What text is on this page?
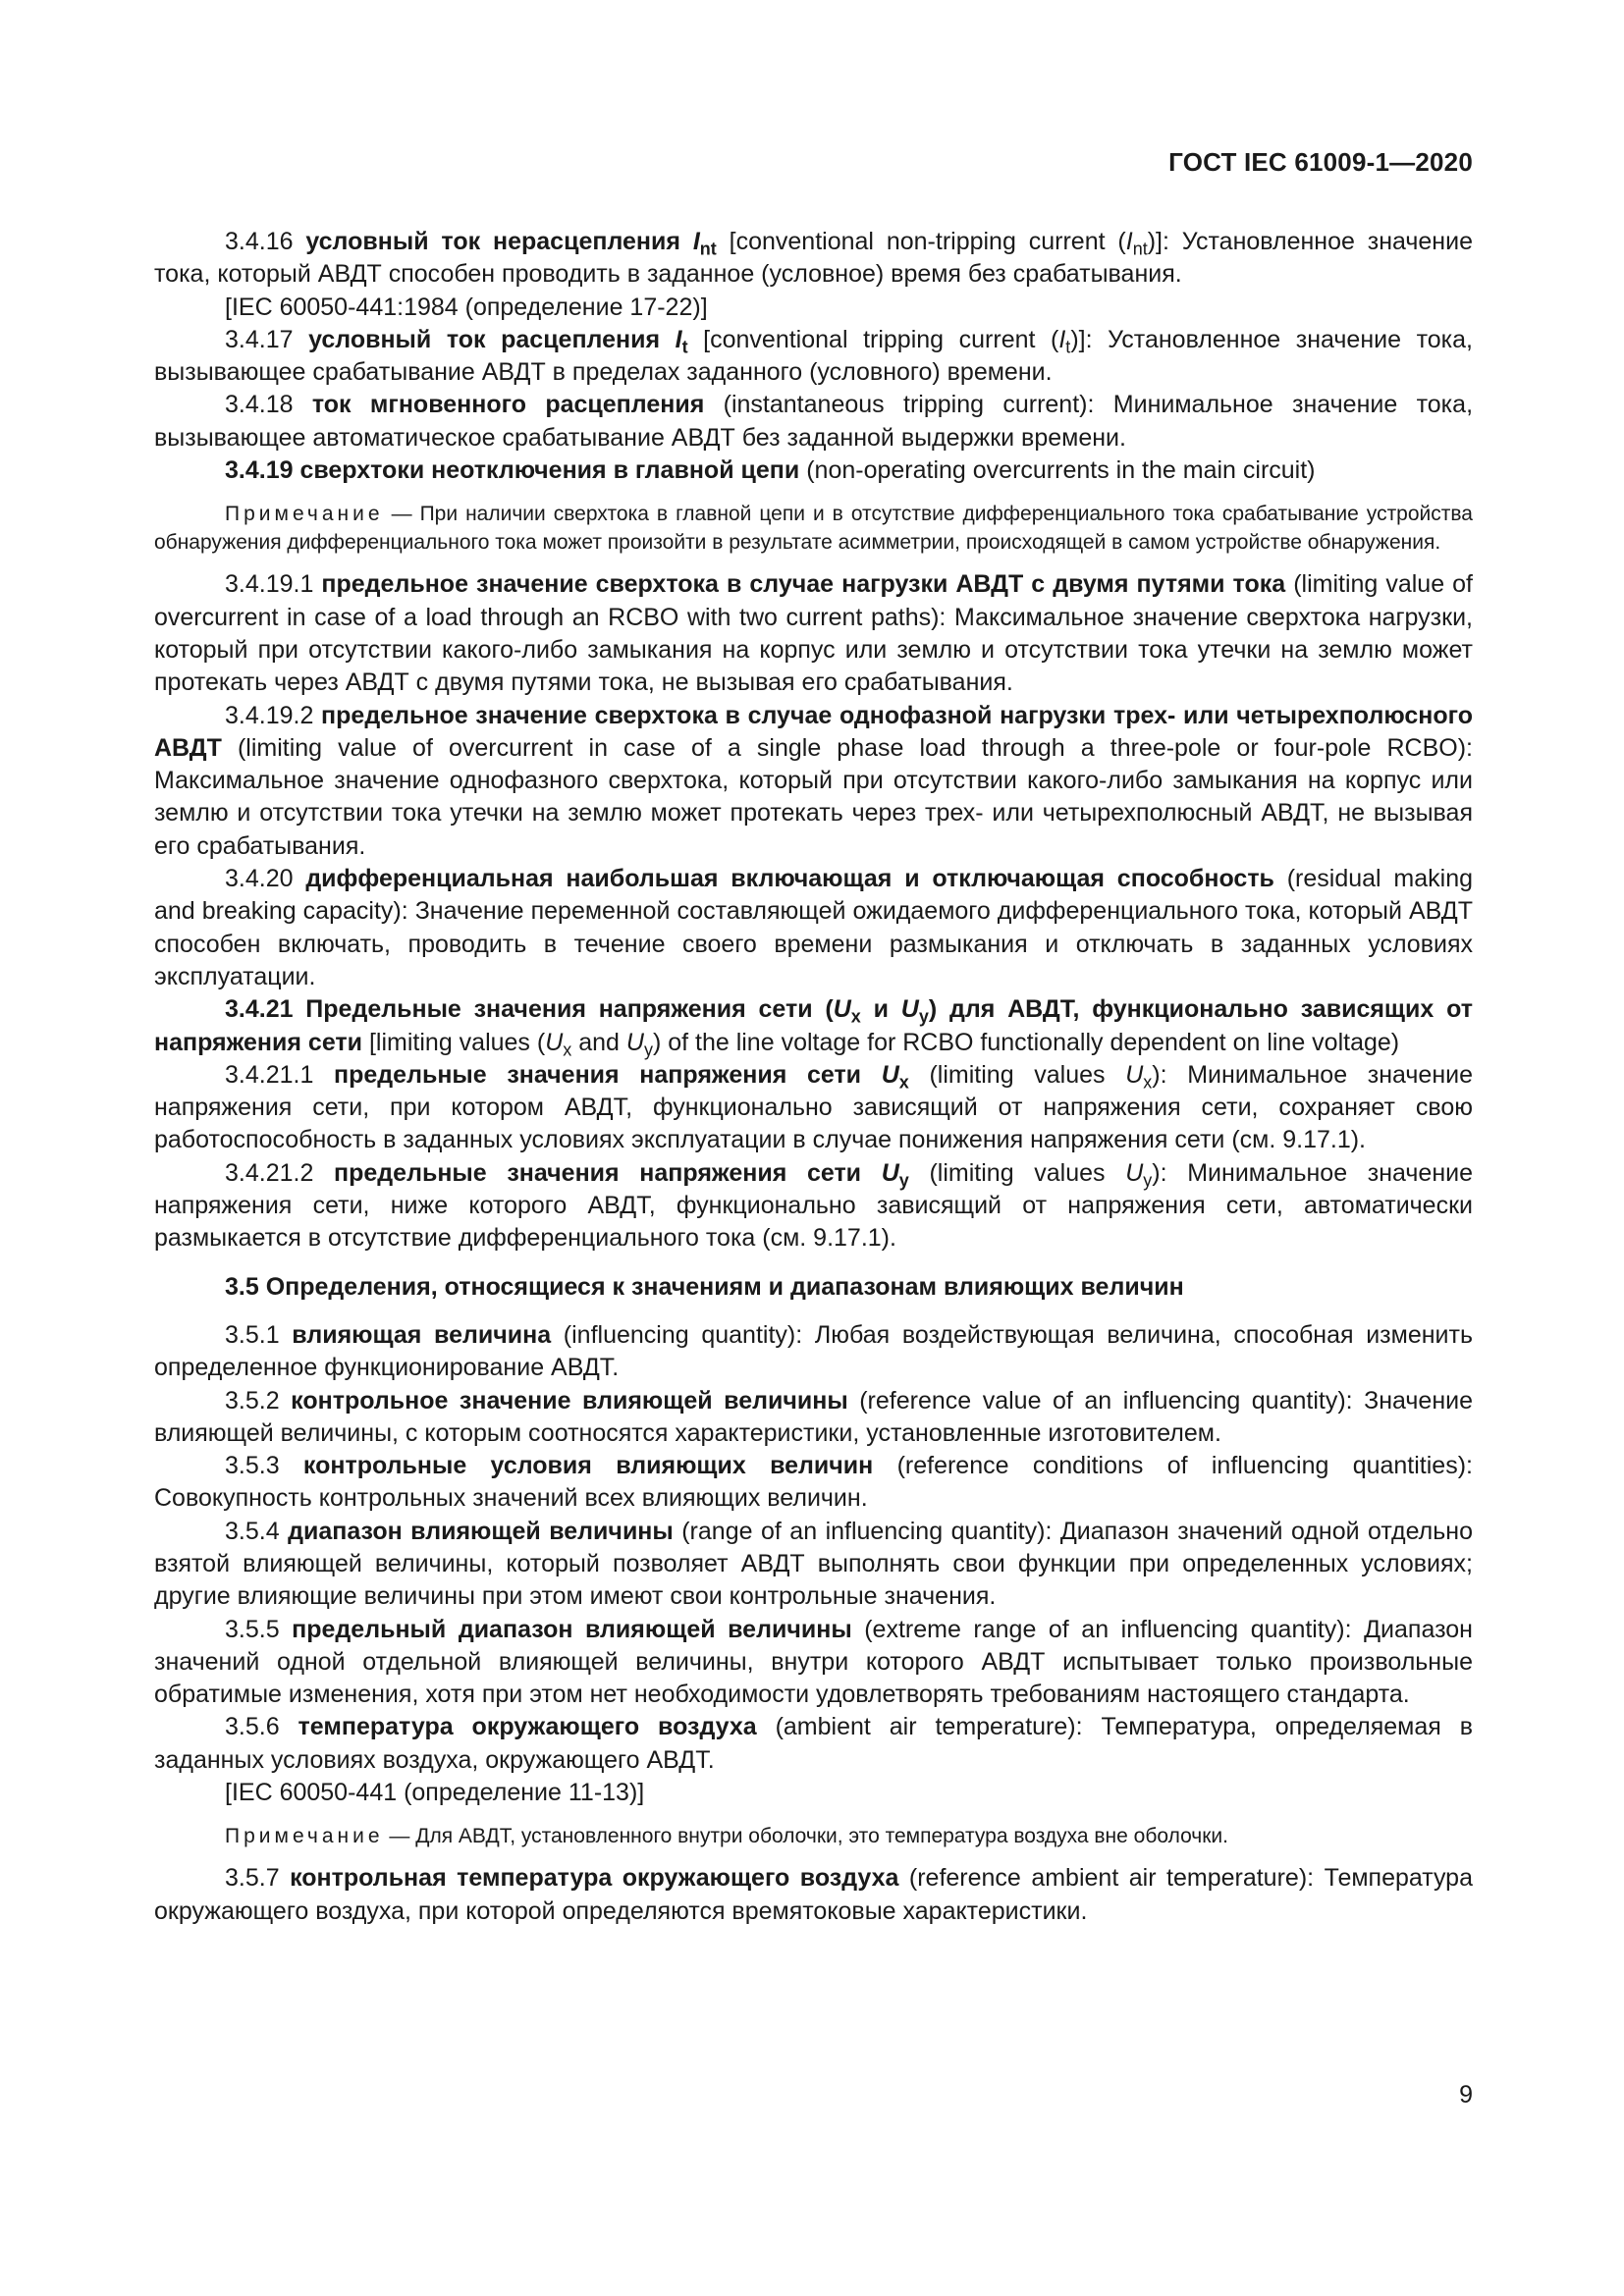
ГОСТ IEC 61009-1—2020

3.4.16 условный ток нерасцепления $I_{nt}$ [conventional non-tripping current $(I_{nt})$]: Установленное значение тока, который АВДТ способен проводить в заданное (условное) время без срабатывания.

[IEC 60050-441:1984 (определение 17-22)]

3.4.17 условный ток расцепления $I_t$ [conventional tripping current $(I_t)$]: Установленное значение тока, вызывающее срабатывание АВДТ в пределах заданного (условного) времени.

3.4.18 ток мгновенного расцепления (instantaneous tripping current): Минимальное значение тока, вызывающее автоматическое срабатывание АВДТ без заданной выдержки времени.

3.4.19 сверхтоки неотключения в главной цепи (non-operating overcurrents in the main circuit)

Примечание — При наличии сверхтока в главной цепи и в отсутствие дифференциального тока срабатывание устройства обнаружения дифференциального тока может произойти в результате асимметрии, происходящей в самом устройстве обнаружения.

3.4.19.1 предельное значение сверхтока в случае нагрузки АВДТ с двумя путями тока (limiting value of overcurrent in case of a load through an RCBO with two current paths): Максимальное значение сверхтока нагрузки, который при отсутствии какого-либо замыкания на корпус или землю и отсутствии тока утечки на землю может протекать через АВДТ с двумя путями тока, не вызывая его срабатывания.

3.4.19.2 предельное значение сверхтока в случае однофазной нагрузки трех- или четырехполюсного АВДТ (limiting value of overcurrent in case of a single phase load through a three-pole or four-pole RCBO): Максимальное значение однофазного сверхтока, который при отсутствии какого-либо замыкания на корпус или землю и отсутствии тока утечки на землю может протекать через трех- или четырехполюсный АВДТ, не вызывая его срабатывания.

3.4.20 дифференциальная наибольшая включающая и отключающая способность (residual making and breaking capacity): Значение переменной составляющей ожидаемого дифференциального тока, который АВДТ способен включать, проводить в течение своего времени размыкания и отключать в заданных условиях эксплуатации.

3.4.21 Предельные значения напряжения сети ($U_x$ и $U_y$) для АВДТ, функционально зависящих от напряжения сети [limiting values ($U_x$ and $U_y$) of the line voltage for RCBO functionally dependent on line voltage)

3.4.21.1 предельные значения напряжения сети $U_x$ (limiting values $U_x$): Минимальное значение напряжения сети, при котором АВДТ, функционально зависящий от напряжения сети, сохраняет свою работоспособность в заданных условиях эксплуатации в случае понижения напряжения сети (см. 9.17.1).

3.4.21.2 предельные значения напряжения сети $U_y$ (limiting values $U_y$): Минимальное значение напряжения сети, ниже которого АВДТ, функционально зависящий от напряжения сети, автоматически размыкается в отсутствие дифференциального тока (см. 9.17.1).

3.5 Определения, относящиеся к значениям и диапазонам влияющих величин

3.5.1 влияющая величина (influencing quantity): Любая воздействующая величина, способная изменить определенное функционирование АВДТ.

3.5.2 контрольное значение влияющей величины (reference value of an influencing quantity): Значение влияющей величины, с которым соотносятся характеристики, установленные изготовителем.

3.5.3 контрольные условия влияющих величин (reference conditions of influencing quantities): Совокупность контрольных значений всех влияющих величин.

3.5.4 диапазон влияющей величины (range of an influencing quantity): Диапазон значений одной отдельно взятой влияющей величины, который позволяет АВДТ выполнять свои функции при определенных условиях; другие влияющие величины при этом имеют свои контрольные значения.

3.5.5 предельный диапазон влияющей величины (extreme range of an influencing quantity): Диапазон значений одной отдельной влияющей величины, внутри которого АВДТ испытывает только произвольные обратимые изменения, хотя при этом нет необходимости удовлетворять требованиям настоящего стандарта.

3.5.6 температура окружающего воздуха (ambient air temperature): Температура, определяемая в заданных условиях воздуха, окружающего АВДТ.

[IEC 60050-441 (определение 11-13)]

Примечание — Для АВДТ, установленного внутри оболочки, это температура воздуха вне оболочки.

3.5.7 контрольная температура окружающего воздуха (reference ambient air temperature): Температура окружающего воздуха, при которой определяются времятоковые характеристики.

9
